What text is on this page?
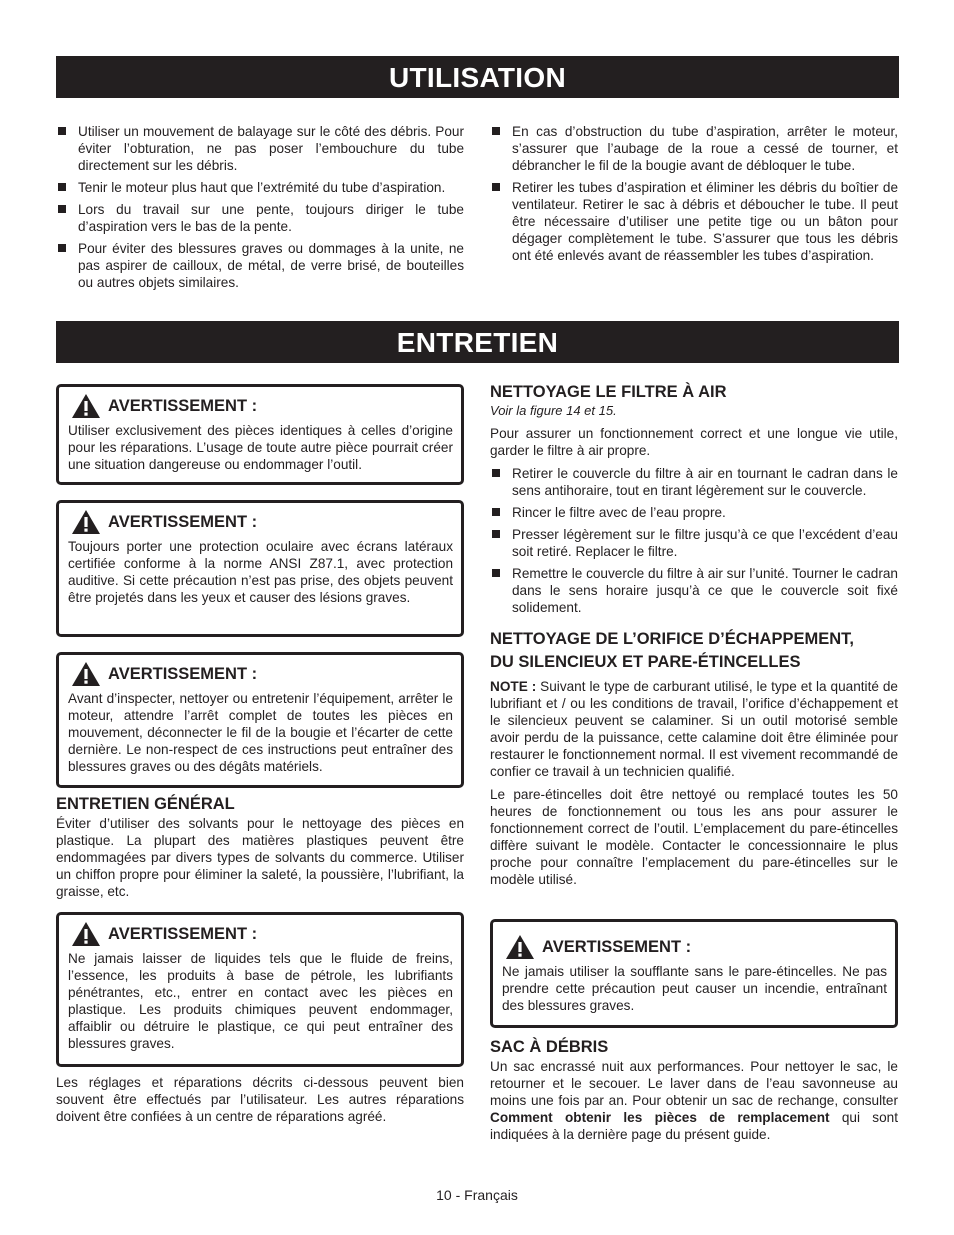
UTILISATION
ENTRETIEN
Utiliser un mouvement de balayage sur le côté des débris. Pour éviter l’obturation, ne pas poser l’embouchure du tube directement sur les débris.
Tenir le moteur plus haut que l’extrémité du tube d’aspiration.
Lors du travail sur une pente, toujours diriger le tube d’aspiration vers le bas de la pente.
Pour éviter des blessures graves ou dommages à la unite, ne pas aspirer de cailloux, de métal, de verre brisé, de bouteilles ou autres objets similaires.
En cas d’obstruction du tube d’aspiration, arrêter le moteur, s’assurer que l’aubage de la roue a cessé de tourner, et débrancher le fil de la bougie avant de débloquer le tube.
Retirer les tubes d’aspiration et éliminer les débris du boîtier de ventilateur. Retirer le sac à débris et déboucher le tube. Il peut être nécessaire d’utiliser une petite tige ou un bâton pour dégager complètement le tube. S’assurer que tous les débris ont été enlevés avant de réassembler les tubes d’aspiration.
AVERTISSEMENT :
Utiliser exclusivement des pièces identiques à celles d’origine pour les réparations. L’usage de toute autre pièce pourrait créer une situation dangereuse ou endommager l’outil.
AVERTISSEMENT :
Toujours porter une protection oculaire avec écrans latéraux certifiée conforme à la norme ANSI Z87.1, avec protection auditive. Si cette précaution n’est pas prise, des objets peuvent être projetés dans les yeux et causer des lésions graves.
AVERTISSEMENT :
Avant d’inspecter, nettoyer ou entretenir l’équipement, arrêter le moteur, attendre l’arrêt complet de toutes les pièces en mouvement, déconnecter le fil de la bougie et l’écarter de cette dernière. Le non-respect de ces instructions peut entraîner des blessures graves ou des dégâts matériels.
ENTRETIEN GÉNÉRAL

Éviter d’utiliser des solvants pour le nettoyage des pièces en plastique. La plupart des matières plastiques peuvent être endommagées par divers types de solvants du commerce. Utiliser un chiffon propre pour éliminer la saleté, la poussière, l’lubrifiant, la graisse, etc.

AVERTISSEMENT :
Ne jamais laisser de liquides tels que le fluide de freins, l’essence, les produits à base de pétrole, les lubrifiants pénétrantes, etc., entrer en contact avec les pièces en plastique. Les produits chimiques peuvent endommager, affaiblir ou détruire le plastique, ce qui peut entraîner des blessures graves.
Les réglages et réparations décrits ci-dessous peuvent bien souvent être effectués par l’utilisateur. Les autres réparations doivent être confiées à un centre de réparations agréé.
NETTOYAGE LE FILTRE À AIR
Voir la figure 14 et 15.

Pour assurer un fonctionnement correct et une longue vie utile, garder le filtre à air propre.

Retirer le couvercle du filtre à air en tournant le cadran dans le sens antihoraire, tout en tirant légèrement sur le couvercle.
Rincer le filtre avec de l’eau propre.
Presser légèrement sur le filtre jusqu’à ce que l’excédent d’eau soit retiré. Replacer le filtre.
Remettre le couvercle du filtre à air sur l’unité. Tourner le cadran dans le sens horaire jusqu’à ce que le couvercle soit fixé solidement.
NETTOYAGE DE L’ORIFICE D’ÉCHAPPEMENT,
DU SILENCIEUX ET PARE-ÉTINCELLES

NOTE : Suivant le type de carburant utilisé, le type et la quantité de lubrifiant et / ou les conditions de travail, l’orifice d’échappement et le silencieux peuvent se calaminer. Si un outil motorisé semble avoir perdu de la puissance, cette calamine doit être éliminée pour restaurer le fonctionnement normal. Il est vivement recommandé de confier ce travail à un technicien qualifié.

Le pare-étincelles doit être nettoyé ou remplacé toutes les 50 heures de fonctionnement ou tous les ans pour assurer le fonctionnement correct de l’outil. L’emplacement du pare-étincelles diffère suivant le modèle. Contacter le concessionnaire le plus proche pour connaître l’emplacement du pare-étincelles sur le modèle utilisé.

AVERTISSEMENT :
Ne jamais utiliser la soufflante sans le pare-étincelles. Ne pas prendre cette précaution peut causer un incendie, entraînant des blessures graves.
SAC À DÉBRIS

Un sac encrassé nuit aux performances. Pour nettoyer le sac, le retourner et le secouer. Le laver dans de l’eau savonneuse au moins une fois par an. Pour obtenir un sac de rechange, consulter Comment obtenir les pièces de remplacement qui sont indiquées à la dernière page du présent guide.

10 - Français
